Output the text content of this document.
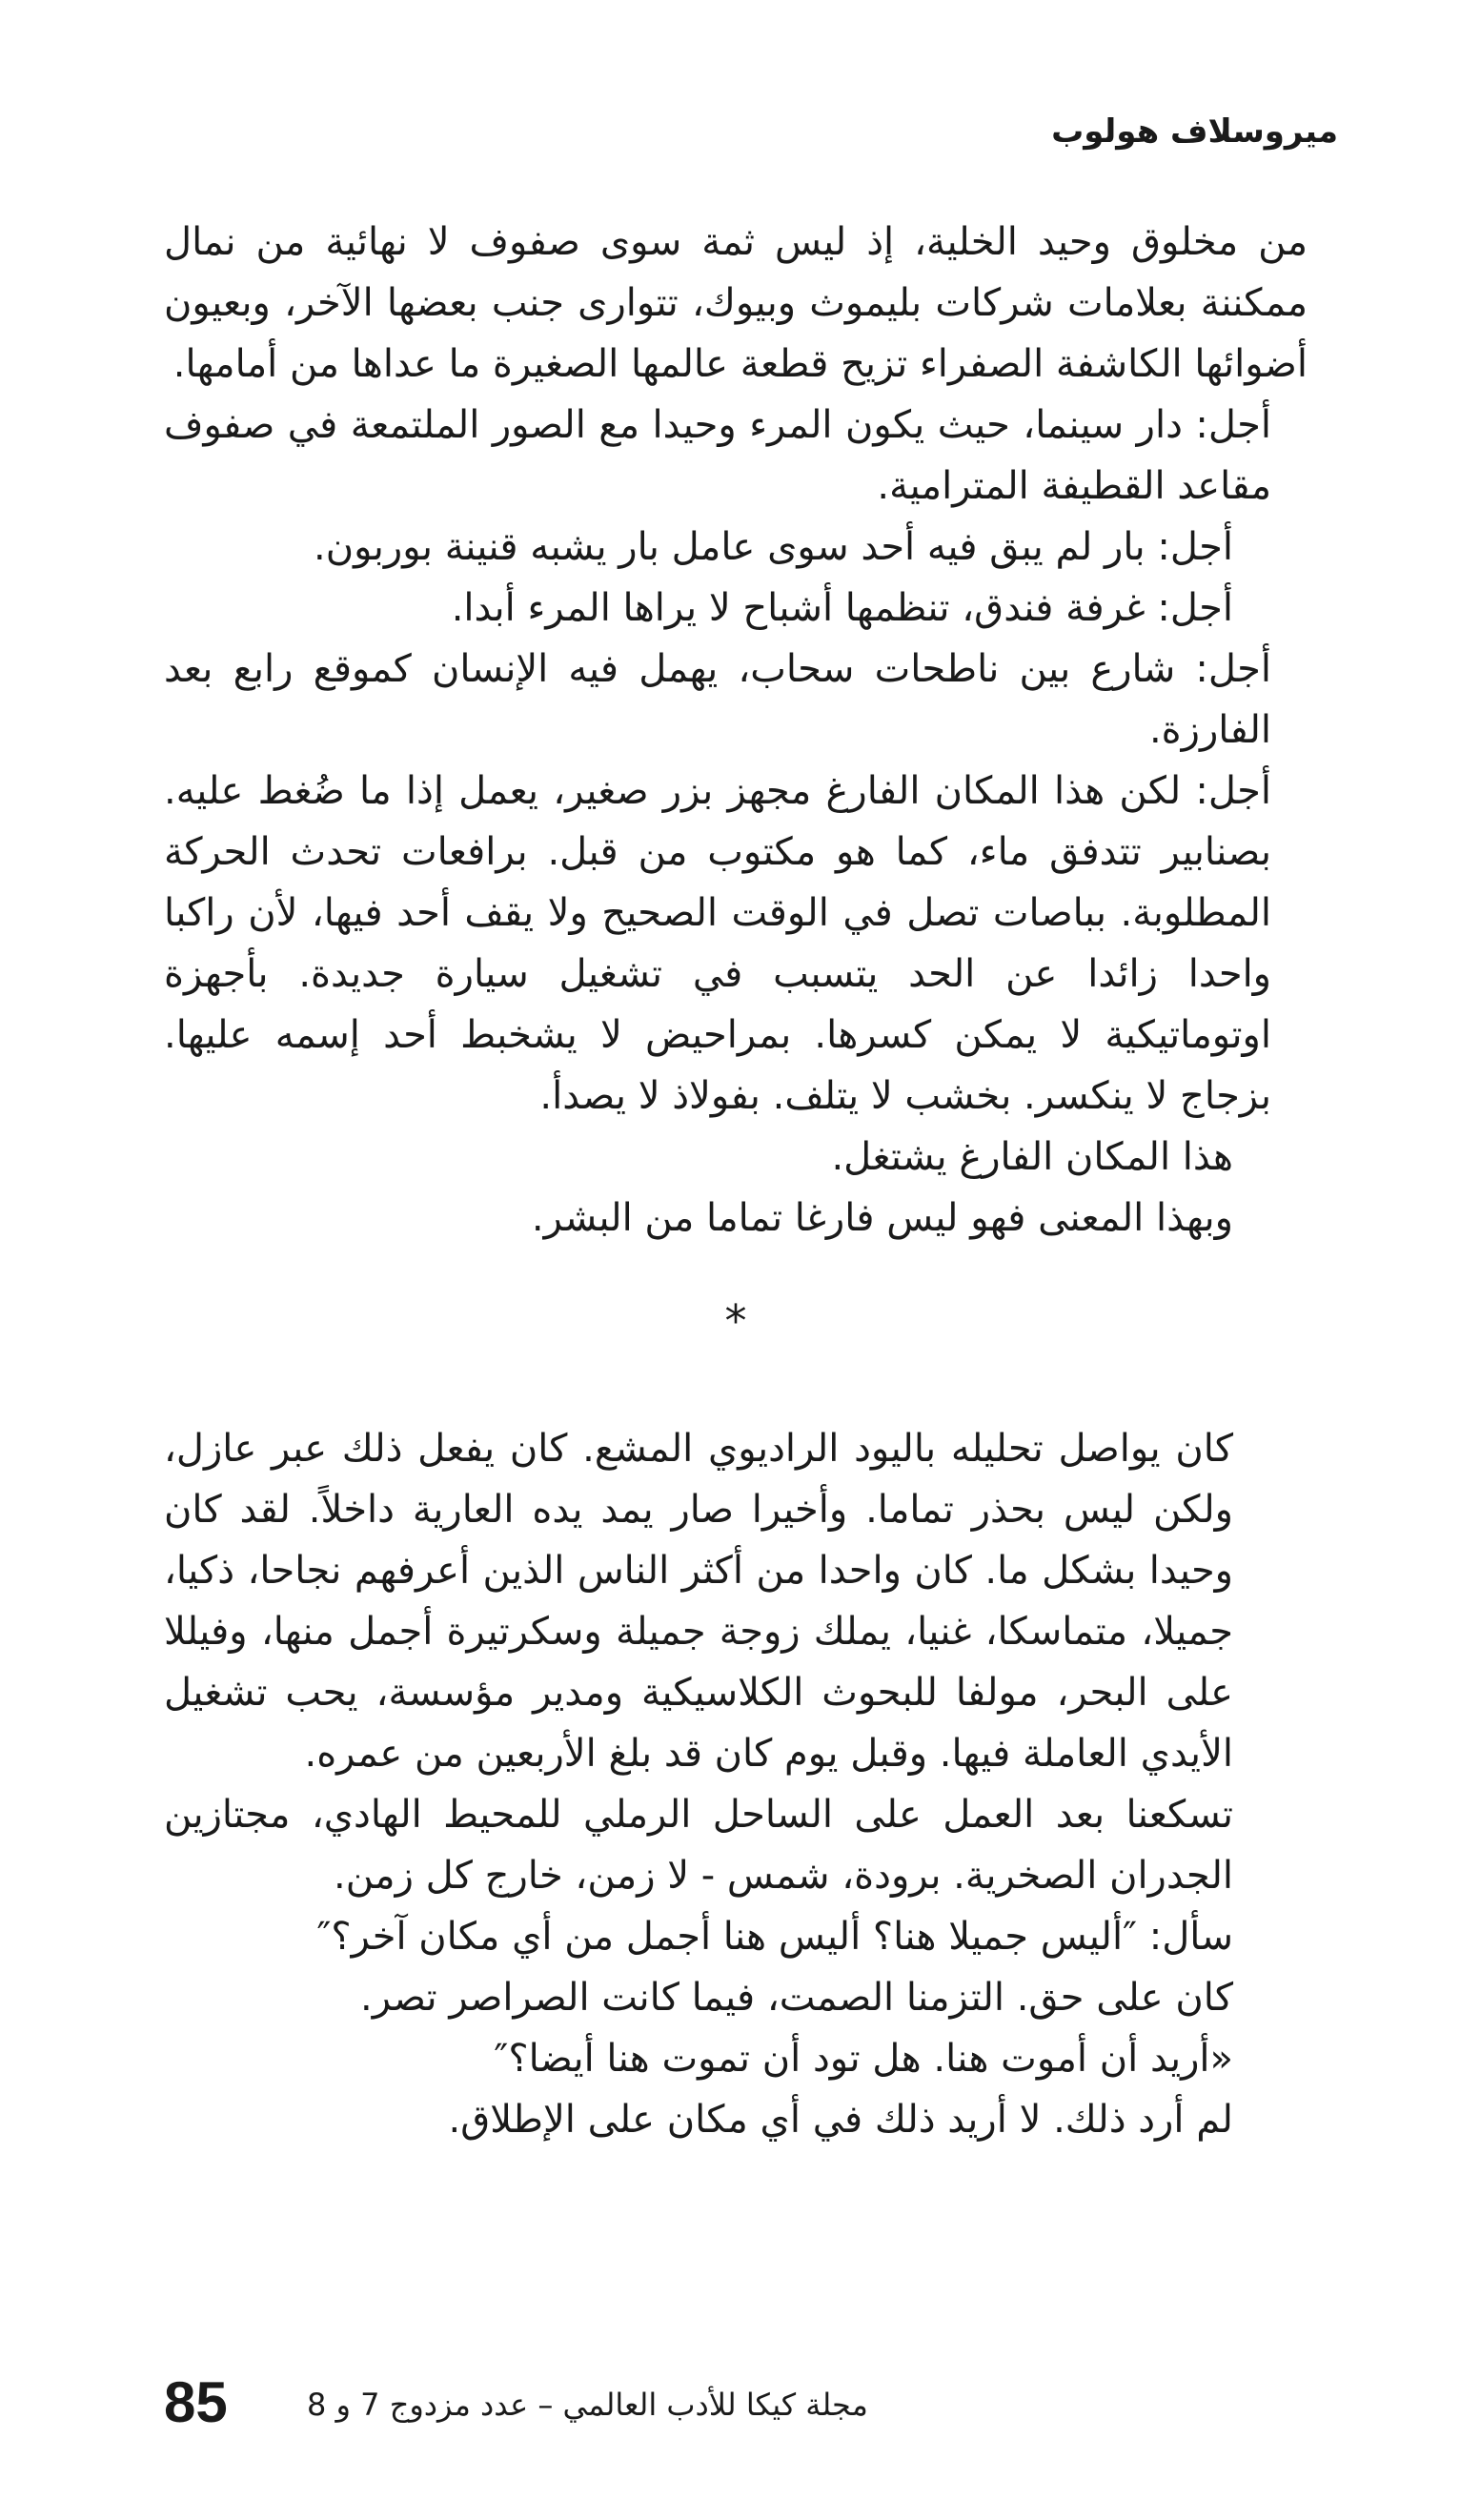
ميروسلاف هولوب

من مخلوق وحيد الخلية، إذ ليس ثمة سوى صفوف لا نهائية من نمال ممكننة بعلامات شركات بليموث وبيوك، تتوارى جنب بعضها الآخر، وبعيون أضوائها الكاشفة الصفراء تزيح قطعة عالمها الصغيرة ما عداها من أمامها.

أجل: دار سينما، حيث يكون المرء وحيدا مع الصور الملتمعة في صفوف مقاعد القطيفة المترامية.

أجل: بار لم يبق فيه أحد سوى عامل بار يشبه قنينة بوربون.

أجل: غرفة فندق، تنظمها أشباح لا يراها المرء أبدا.

أجل: شارع بين ناطحات سحاب، يهمل فيه الإنسان كموقع رابع بعد الفارزة.

أجل: لكن هذا المكان الفارغ مجهز بزر صغير، يعمل إذا ما ضُغط عليه. بصنابير تتدفق ماء، كما هو مكتوب من قبل. برافعات تحدث الحركة المطلوبة. بباصات تصل في الوقت الصحيح ولا يقف أحد فيها، لأن راكبا واحدا زائدا عن الحد يتسبب في تشغيل سيارة جديدة. بأجهزة اوتوماتيكية لا يمكن كسرها. بمراحيض لا يشخبط أحد إسمه عليها. بزجاج لا ينكسر. بخشب لا يتلف. بفولاذ لا يصدأ.

هذا المكان الفارغ يشتغل.

وبهذا المعنى فهو ليس فارغا تماما من البشر.

*

كان يواصل تحليله باليود الراديوي المشع. كان يفعل ذلك عبر عازل، ولكن ليس بحذر تماما. وأخيرا صار يمد يده العارية داخلاً. لقد كان وحيدا بشكل ما. كان واحدا من أكثر الناس الذين أعرفهم نجاحا، ذكيا، جميلا، متماسكا، غنيا، يملك زوجة جميلة وسكرتيرة أجمل منها، وفيللا على البحر، مولفا للبحوث الكلاسيكية ومدير مؤسسة، يحب تشغيل الأيدي العاملة فيها. وقبل يوم كان قد بلغ الأربعين من عمره.

تسكعنا بعد العمل على الساحل الرملي للمحيط الهادي، مجتازين الجدران الصخرية. برودة، شمس - لا زمن، خارج كل زمن.

سأل: ″أليس جميلا هنا؟ أليس هنا أجمل من أي مكان آخر؟″

كان على حق. التزمنا الصمت، فيما كانت الصراصر تصر.

«أريد أن أموت هنا. هل تود أن تموت هنا أيضا؟″

لم أرد ذلك. لا أريد ذلك في أي مكان على الإطلاق.

85	مجلة كيكا للأدب العالمي – عدد مزدوج 7 و 8
